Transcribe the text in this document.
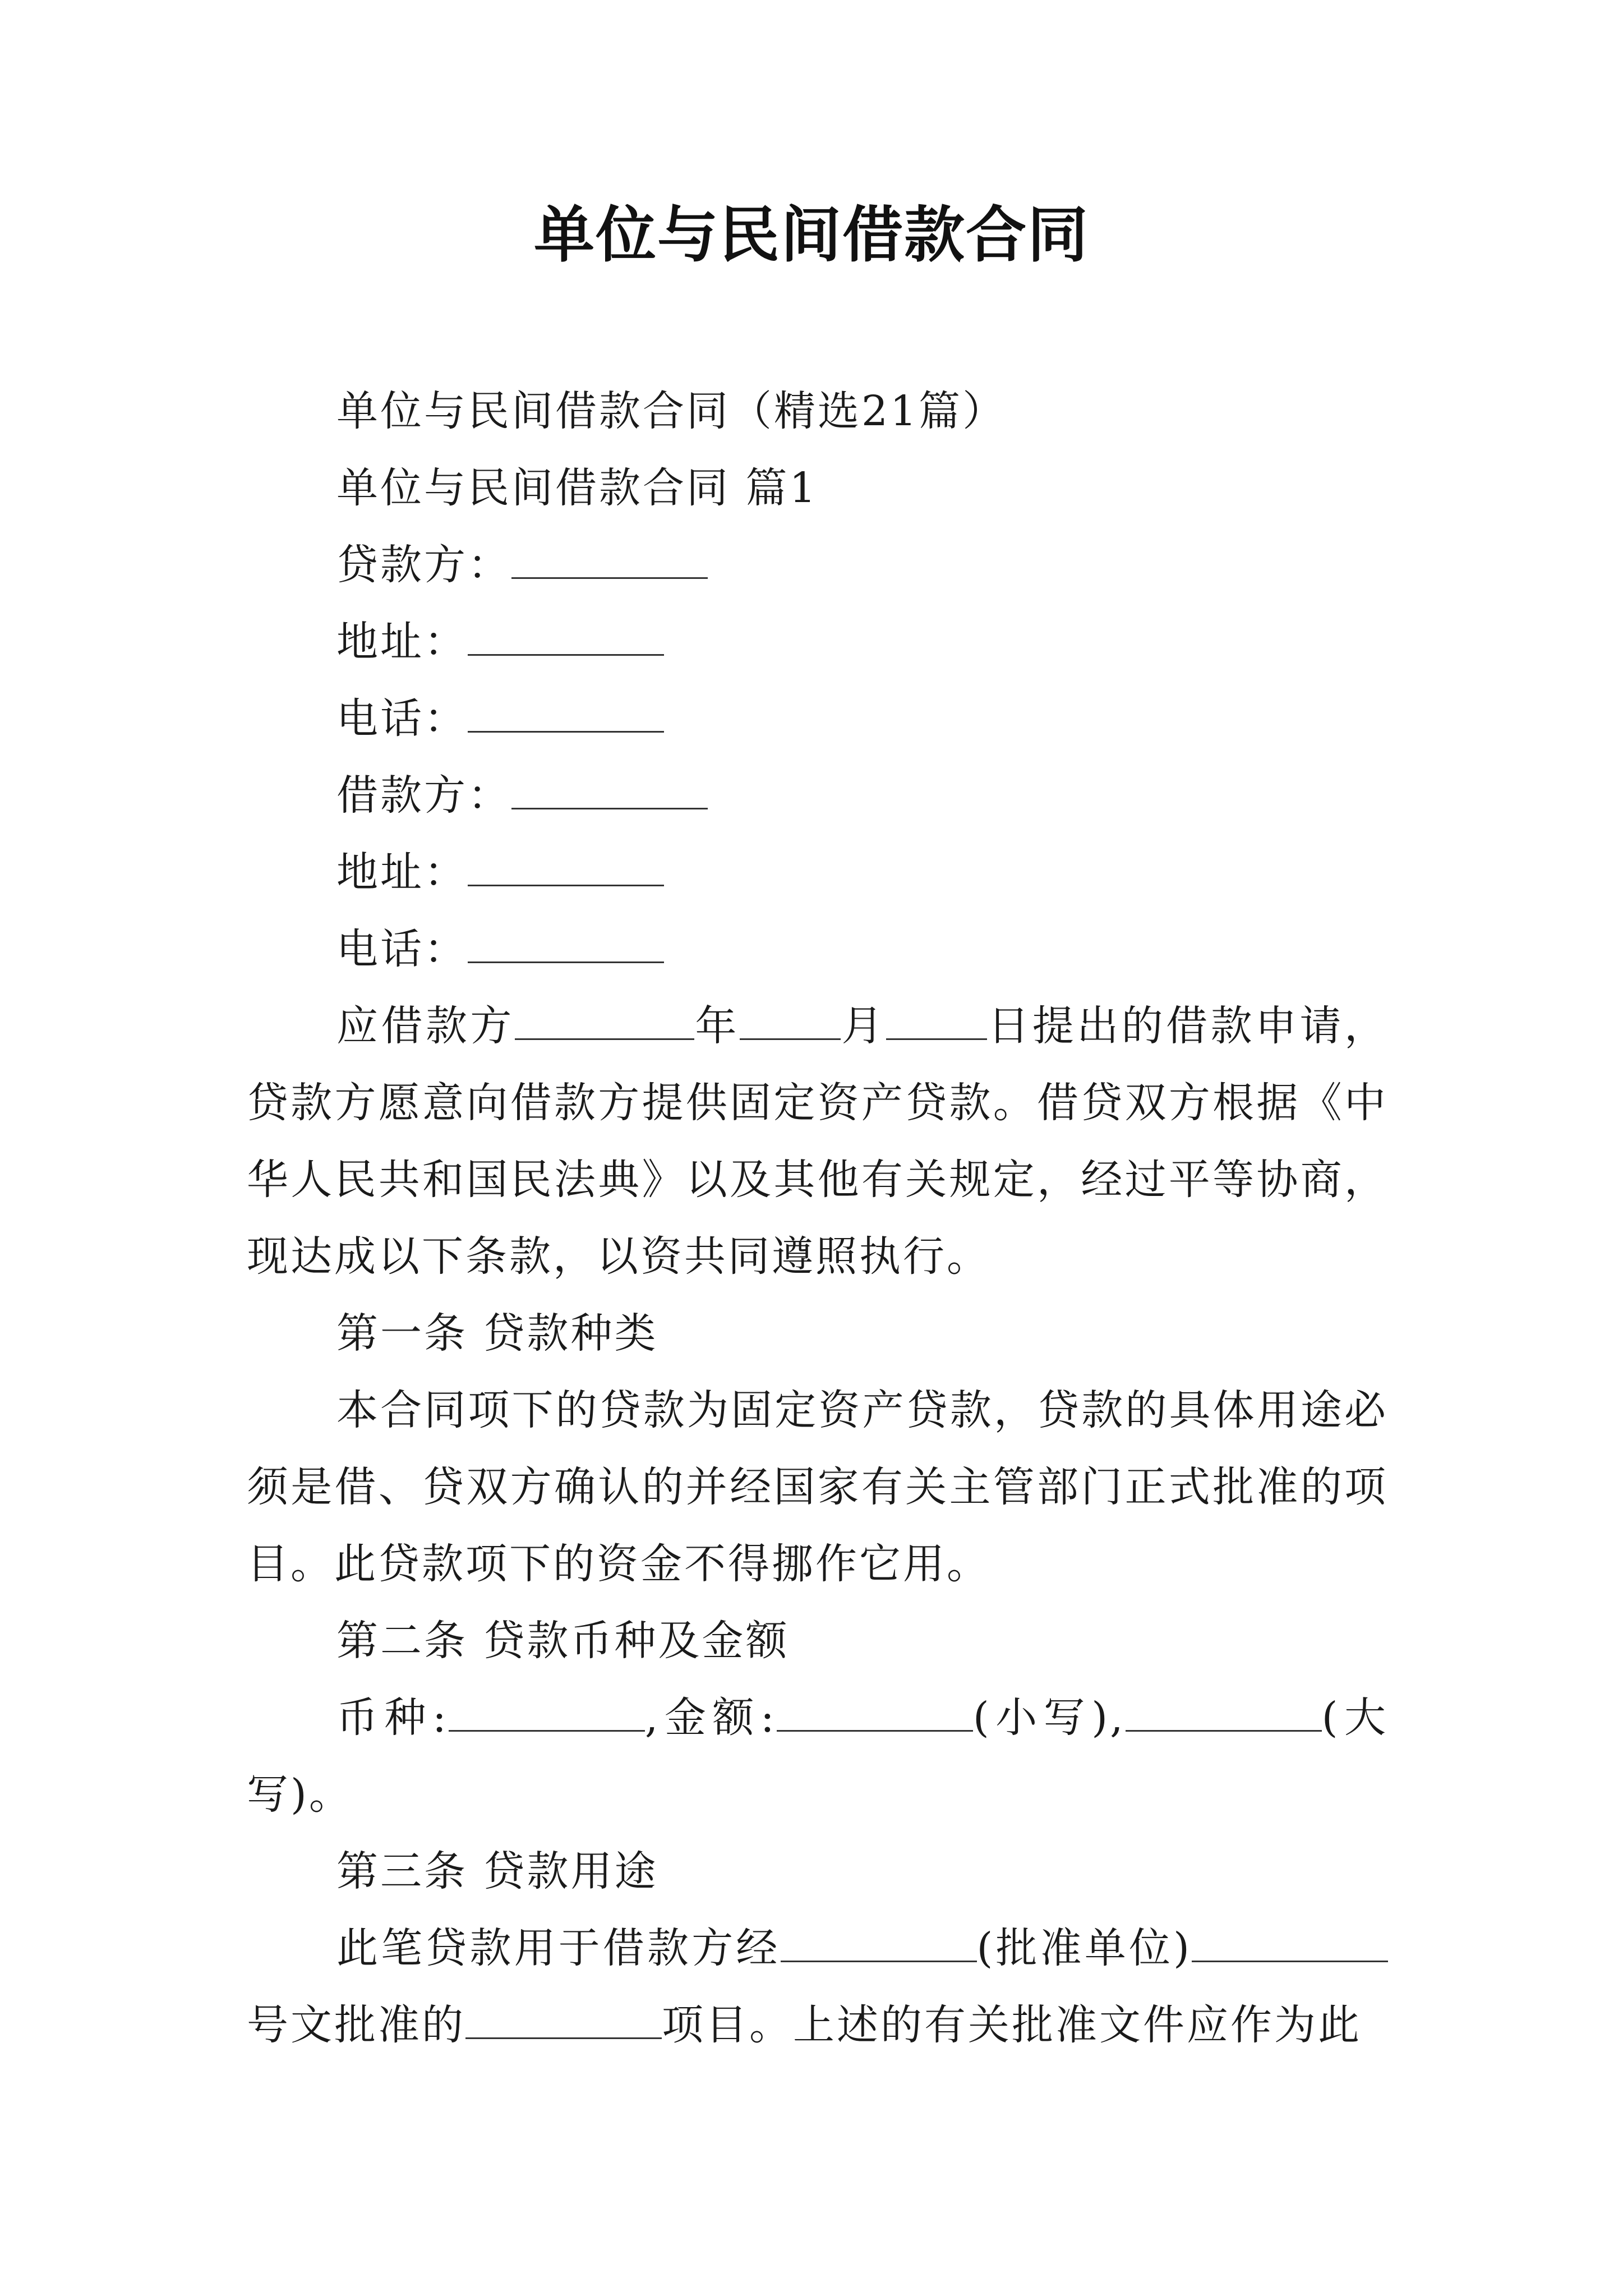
单位与民间借款合同

单位与民间借款合同（精选21篇）

单位与民间借款合同 篇1

贷款方：

地址：

电话：

借款方：

地址：

电话：

应借款方	年 月 日提出的借款申请，贷款方愿意向借款方提供固定资产贷款。借贷双方根据《中华人民共和国民法典》以及其他有关规定，经过平等协商，现达成以下条款，以资共同遵照执行。

第一条 贷款种类

本合同项下的贷款为固定资产贷款，贷款的具体用途必须是借、贷双方确认的并经国家有关主管部门正式批准的项目。此贷款项下的资金不得挪作它用。

第二条 贷款币种及金额

币种:	,金额:	(小写),	(大写)。

第三条 贷款用途

此笔贷款用于借款方经	(批准单位)号文批准的	项目。上述的有关批准文件应作为此
